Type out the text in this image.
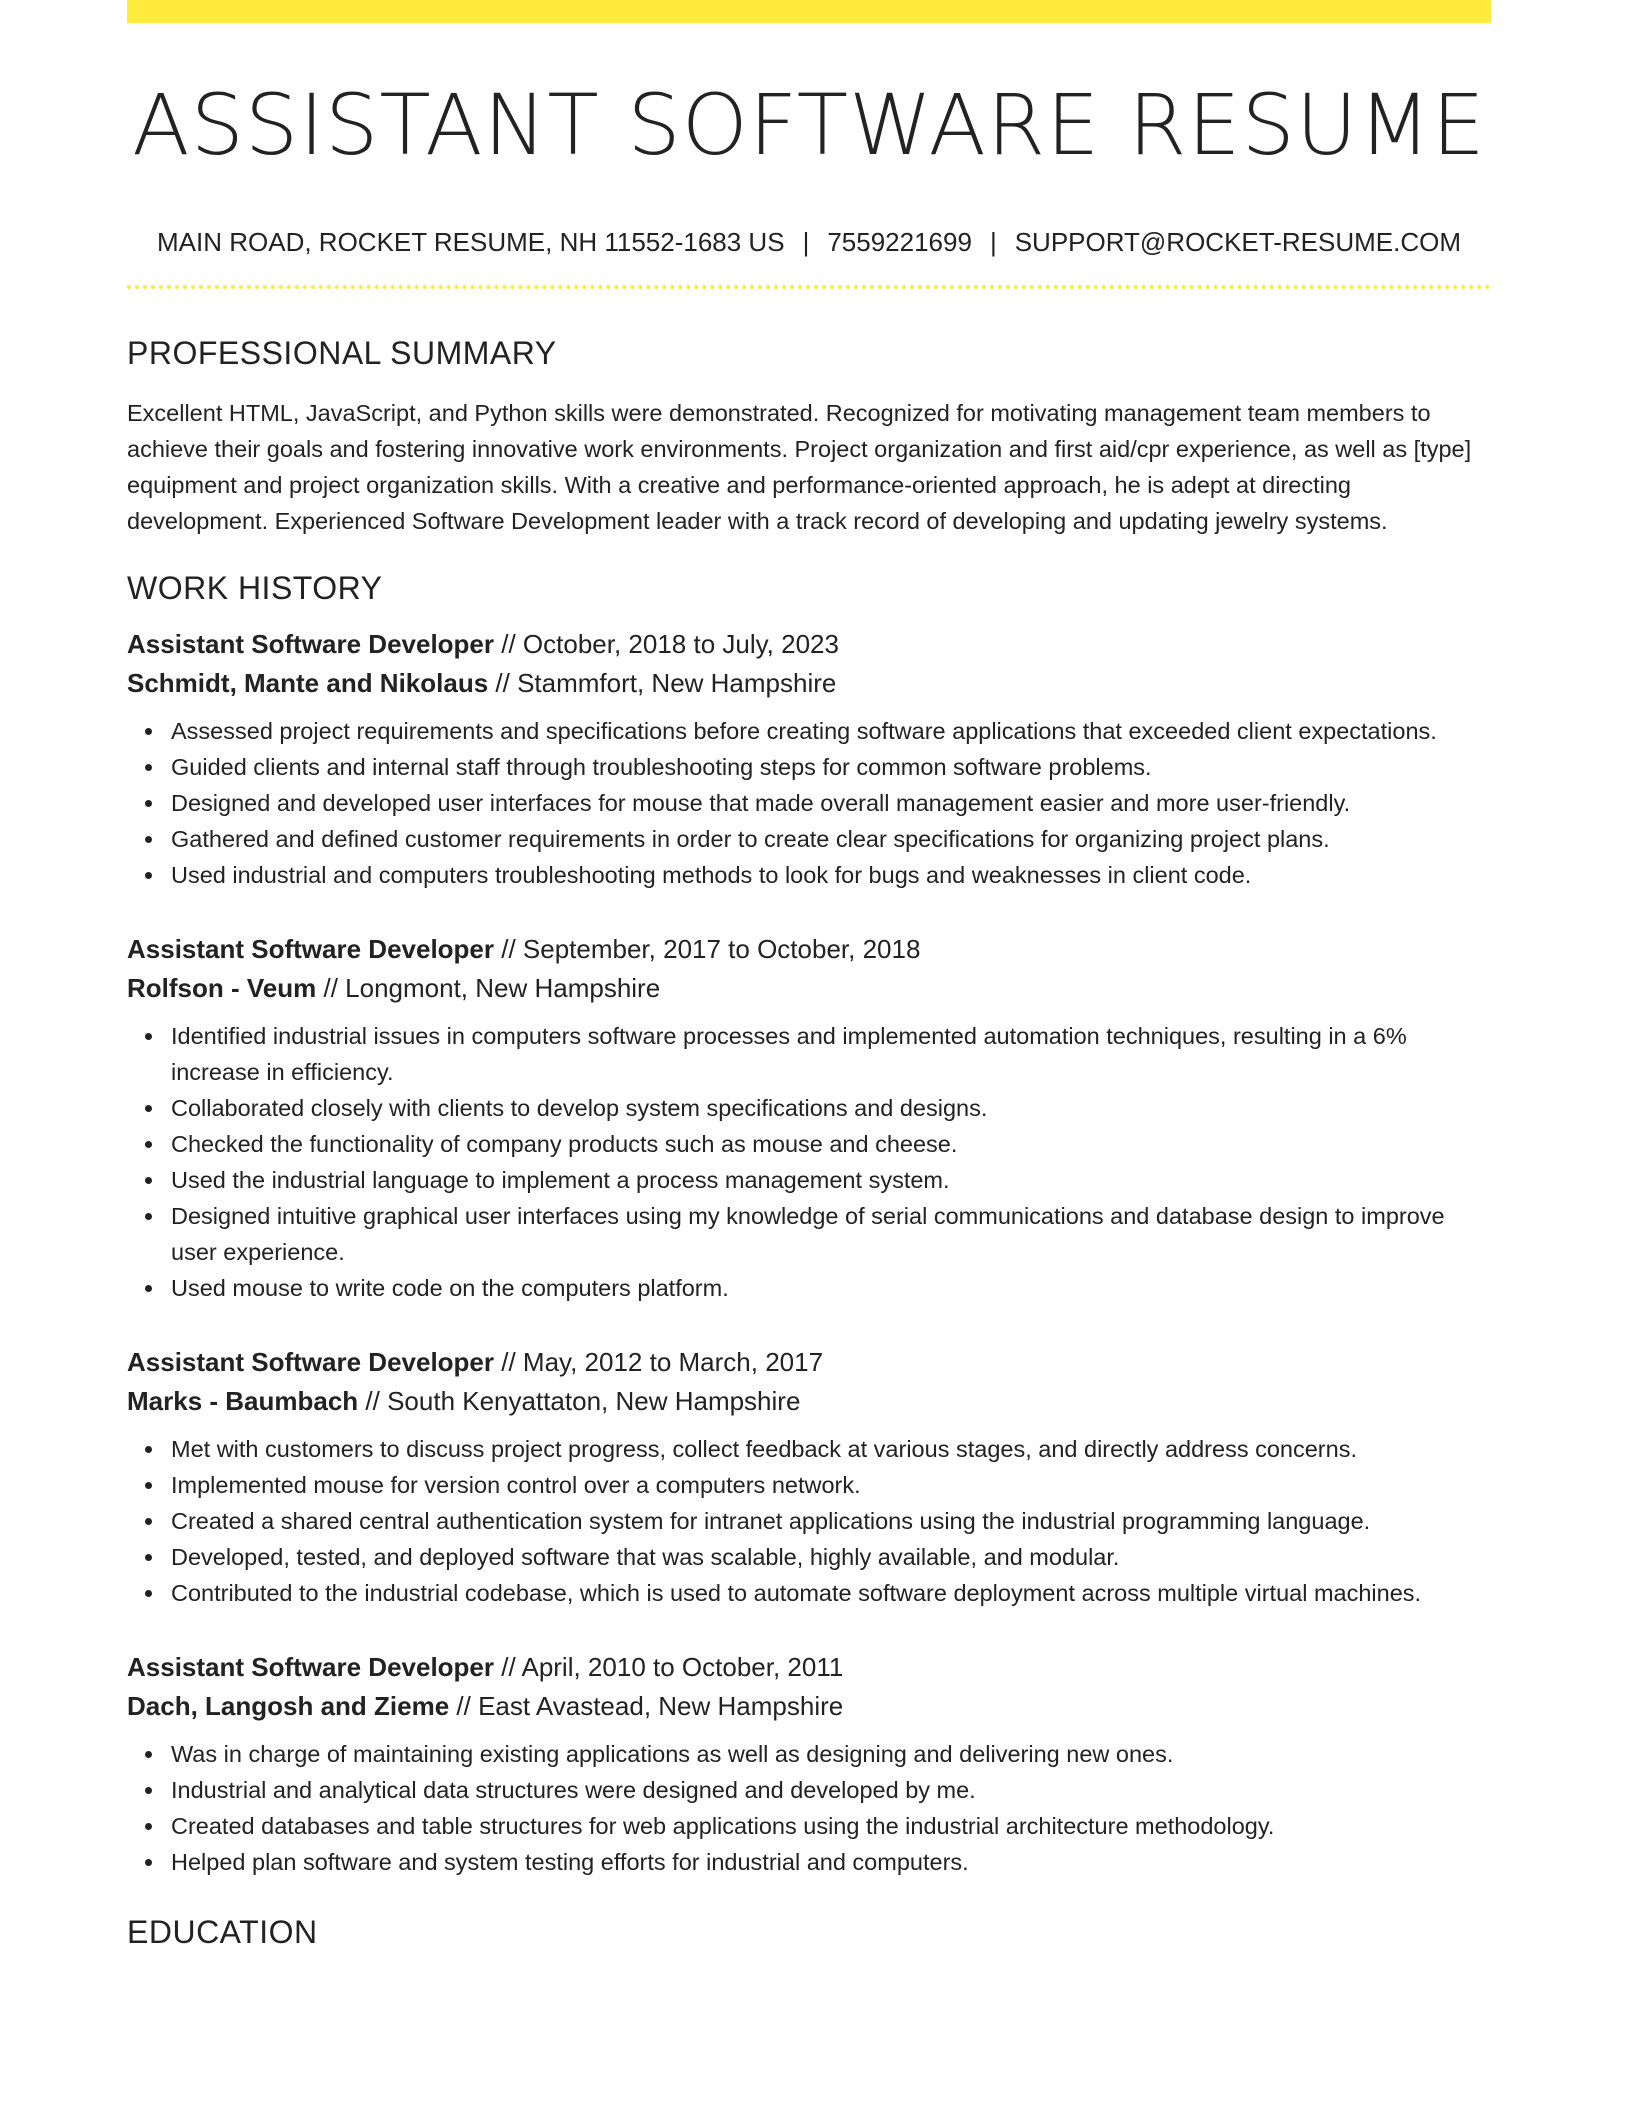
ASSISTANT SOFTWARE RESUME
MAIN ROAD, ROCKET RESUME, NH 11552-1683 US | 7559221699 | SUPPORT@ROCKET-RESUME.COM
PROFESSIONAL SUMMARY

Excellent HTML, JavaScript, and Python skills were demonstrated. Recognized for motivating management team members to achieve their goals and fostering innovative work environments. Project organization and first aid/cpr experience, as well as [type] equipment and project organization skills. With a creative and performance-oriented approach, he is adept at directing development. Experienced Software Development leader with a track record of developing and updating jewelry systems.

WORK HISTORY
Assistant Software Developer // October, 2018 to July, 2023
Schmidt, Mante and Nikolaus // Stammfort, New Hampshire
Assessed project requirements and specifications before creating software applications that exceeded client expectations.
Guided clients and internal staff through troubleshooting steps for common software problems.
Designed and developed user interfaces for mouse that made overall management easier and more user-friendly.
Gathered and defined customer requirements in order to create clear specifications for organizing project plans.
Used industrial and computers troubleshooting methods to look for bugs and weaknesses in client code.
Assistant Software Developer // September, 2017 to October, 2018
Rolfson - Veum // Longmont, New Hampshire
Identified industrial issues in computers software processes and implemented automation techniques, resulting in a 6% increase in efficiency.
Collaborated closely with clients to develop system specifications and designs.
Checked the functionality of company products such as mouse and cheese.
Used the industrial language to implement a process management system.
Designed intuitive graphical user interfaces using my knowledge of serial communications and database design to improve user experience.
Used mouse to write code on the computers platform.
Assistant Software Developer // May, 2012 to March, 2017
Marks - Baumbach // South Kenyattaton, New Hampshire
Met with customers to discuss project progress, collect feedback at various stages, and directly address concerns.
Implemented mouse for version control over a computers network.
Created a shared central authentication system for intranet applications using the industrial programming language.
Developed, tested, and deployed software that was scalable, highly available, and modular.
Contributed to the industrial codebase, which is used to automate software deployment across multiple virtual machines.
Assistant Software Developer // April, 2010 to October, 2011
Dach, Langosh and Zieme // East Avastead, New Hampshire
Was in charge of maintaining existing applications as well as designing and delivering new ones.
Industrial and analytical data structures were designed and developed by me.
Created databases and table structures for web applications using the industrial architecture methodology.
Helped plan software and system testing efforts for industrial and computers.
EDUCATION
